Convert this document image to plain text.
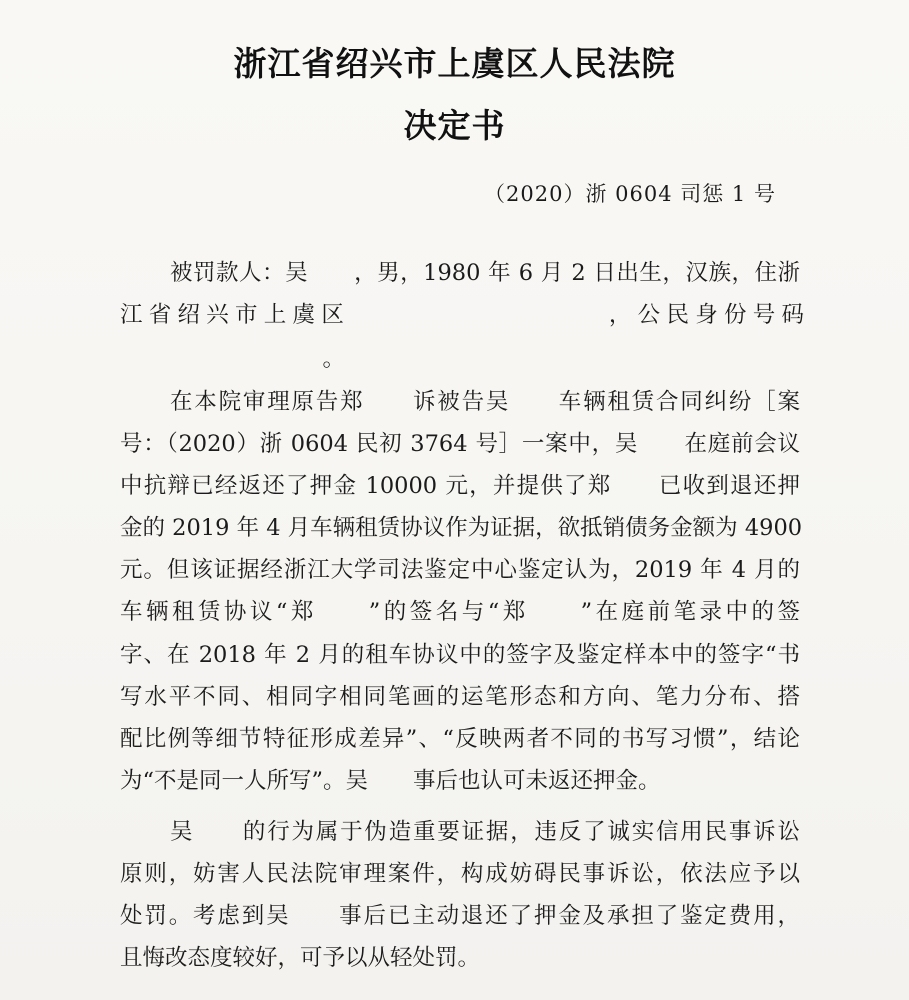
浙江省绍兴市上虞区人民法院
决定书
（2020）浙 0604 司惩 1 号
被罚款人：吴　　，男，1980 年 6 月 2 日出生，汉族，住浙
江省绍兴市上虞区　　　　　　　　　，公民身份号码
　　　　　　　　　。
在本院审理原告郑　　诉被告吴　　车辆租赁合同纠纷［案
号：（2020）浙 0604 民初 3764 号］一案中，吴　　在庭前会议
中抗辩已经返还了押金 10000 元，并提供了郑　　已收到退还押
金的 2019 年 4 月车辆租赁协议作为证据，欲抵销债务金额为 4900
元。但该证据经浙江大学司法鉴定中心鉴定认为，2019 年 4 月的
车辆租赁协议“郑　　”的签名与“郑　　”在庭前笔录中的签
字、在 2018 年 2 月的租车协议中的签字及鉴定样本中的签字“书
写水平不同、相同字相同笔画的运笔形态和方向、笔力分布、搭
配比例等细节特征形成差异”、“反映两者不同的书写习惯”，结论
为“不是同一人所写”。吴　　事后也认可未返还押金。
吴　　的行为属于伪造重要证据，违反了诚实信用民事诉讼
原则，妨害人民法院审理案件，构成妨碍民事诉讼，依法应予以
处罚。考虑到吴　　事后已主动退还了押金及承担了鉴定费用，
且悔改态度较好，可予以从轻处罚。
